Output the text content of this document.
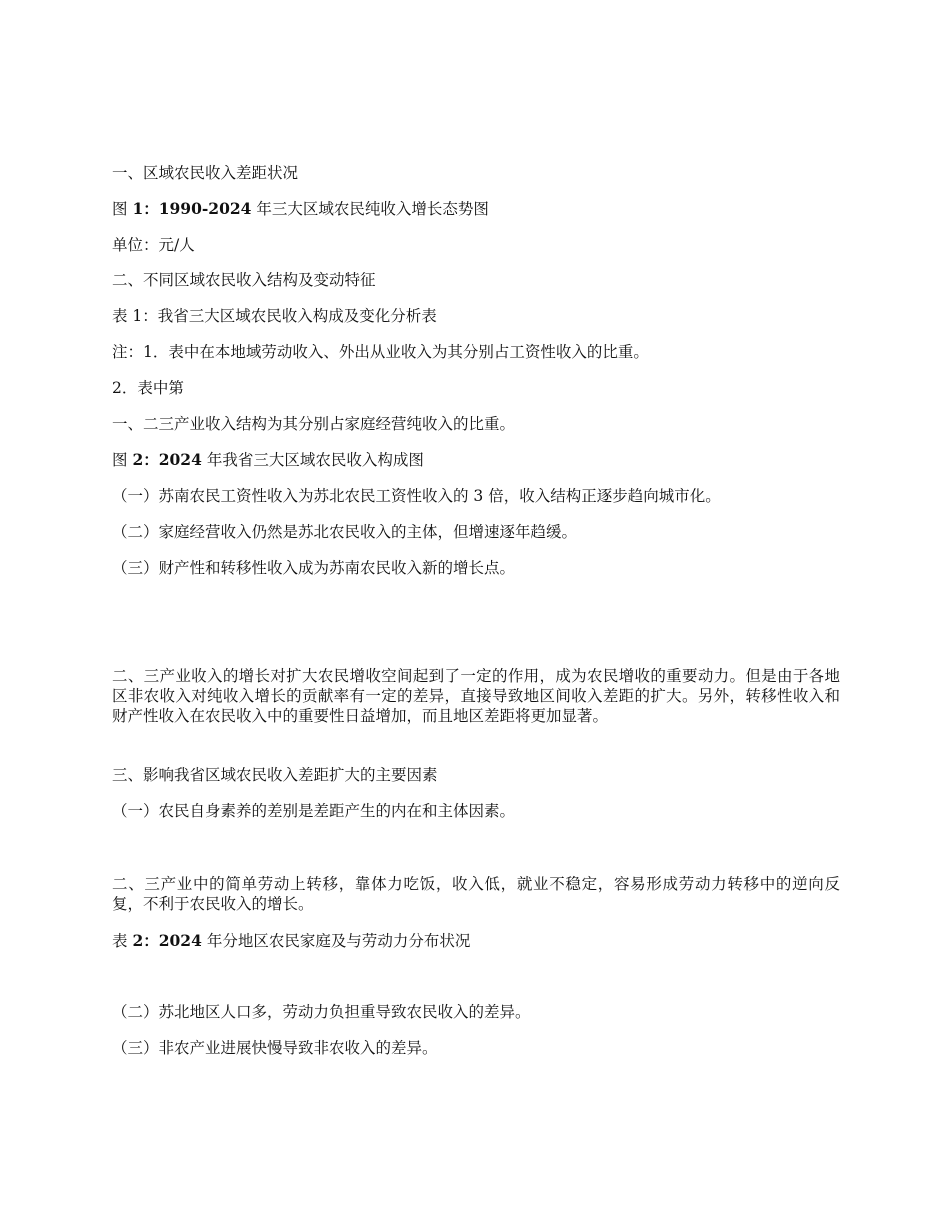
一、区域农民收入差距状况

图 1：1990-2024 年三大区域农民纯收入增长态势图

单位：元/人

二、不同区域农民收入结构及变动特征

表 1：我省三大区域农民收入构成及变化分析表

注：1．表中在本地域劳动收入、外出从业收入为其分别占工资性收入的比重。

2．表中第

一、二三产业收入结构为其分别占家庭经营纯收入的比重。

图 2：2024 年我省三大区域农民收入构成图

（一）苏南农民工资性收入为苏北农民工资性收入的 3 倍，收入结构正逐步趋向城市化。

（二）家庭经营收入仍然是苏北农民收入的主体，但增速逐年趋缓。

（三）财产性和转移性收入成为苏南农民收入新的增长点。

二、三产业收入的增长对扩大农民增收空间起到了一定的作用，成为农民增收的重要动力。但是由于各地区非农收入对纯收入增长的贡献率有一定的差异，直接导致地区间收入差距的扩大。另外，转移性收入和财产性收入在农民收入中的重要性日益增加，而且地区差距将更加显著。

三、影响我省区域农民收入差距扩大的主要因素

（一）农民自身素养的差别是差距产生的内在和主体因素。

二、三产业中的简单劳动上转移，靠体力吃饭，收入低，就业不稳定，容易形成劳动力转移中的逆向反复，不利于农民收入的增长。

表 2：2024 年分地区农民家庭及与劳动力分布状况

（二）苏北地区人口多，劳动力负担重导致农民收入的差异。

（三）非农产业进展快慢导致非农收入的差异。
